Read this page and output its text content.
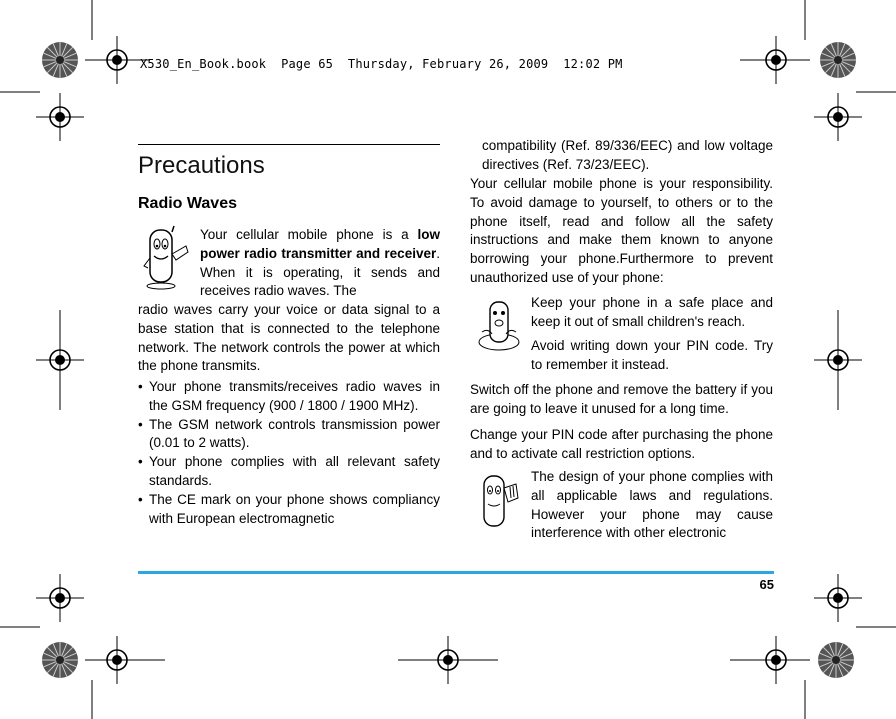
X530_En_Book.book  Page 65  Thursday, February 26, 2009  12:02 PM
Precautions
Radio Waves
Your cellular mobile phone is a low power radio transmitter and receiver. When it is operating, it sends and receives radio waves. The
radio waves carry your voice or data signal to a base station that is connected to the telephone network. The network controls the power at which the phone transmits.
• Your phone transmits/receives radio waves in the GSM frequency (900 / 1800 / 1900 MHz).
• The GSM network controls transmission power (0.01 to 2 watts).
• Your phone complies with all relevant safety standards.
• The CE mark on your phone shows compliancy with European electromagnetic
compatibility (Ref. 89/336/EEC) and low voltage directives (Ref. 73/23/EEC).
Your cellular mobile phone is your responsibility. To avoid damage to yourself, to others or to the phone itself, read and follow all the safety instructions and make them known to anyone borrowing your phone.Furthermore to prevent unauthorized use of your phone:
Keep your phone in a safe place and keep it out of small children's reach.
Avoid writing down your PIN code. Try to remember it instead.
Switch off the phone and remove the battery if you are going to leave it unused for a long time.
Change your PIN code after purchasing the phone and to activate call restriction options.
The design of your phone complies with all applicable laws and regulations. However your phone may cause interference with other electronic
65
